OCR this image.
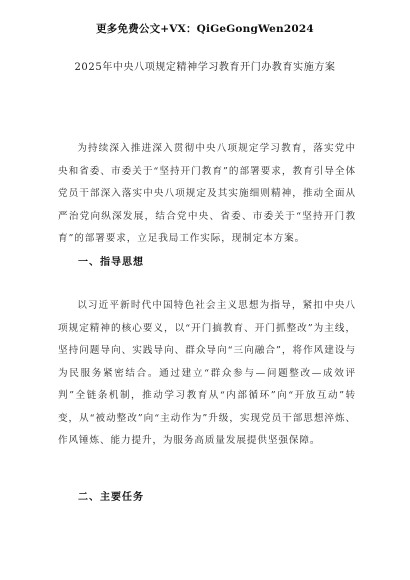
更多免费公文+VX：QiGeGongWen2024
2025年中央八项规定精神学习教育开门办教育实施方案

为持续深入推进深入贯彻中央八项规定学习教育，落实党中央和省委、市委关于“坚持开门教育”的部署要求，教育引导全体党员干部深入落实中央八项规定及其实施细则精神，推动全面从严治党向纵深发展，结合党中央、省委、市委关于“坚持开门教育”的部署要求，立足我局工作实际，现制定本方案。

一、指导思想

以习近平新时代中国特色社会主义思想为指导，紧扣中央八项规定精神的核心要义，以“开门搞教育、开门抓整改”为主线，坚持问题导向、实践导向、群众导向“三向融合”，将作风建设与为民服务紧密结合。通过建立“群众参与—问题整改—成效评判”全链条机制，推动学习教育从“内部循环”向“开放互动”转变，从“被动整改”向“主动作为”升级，实现党员干部思想淬炼、作风锤炼、能力提升，为服务高质量发展提供坚强保障。

二、主要任务
